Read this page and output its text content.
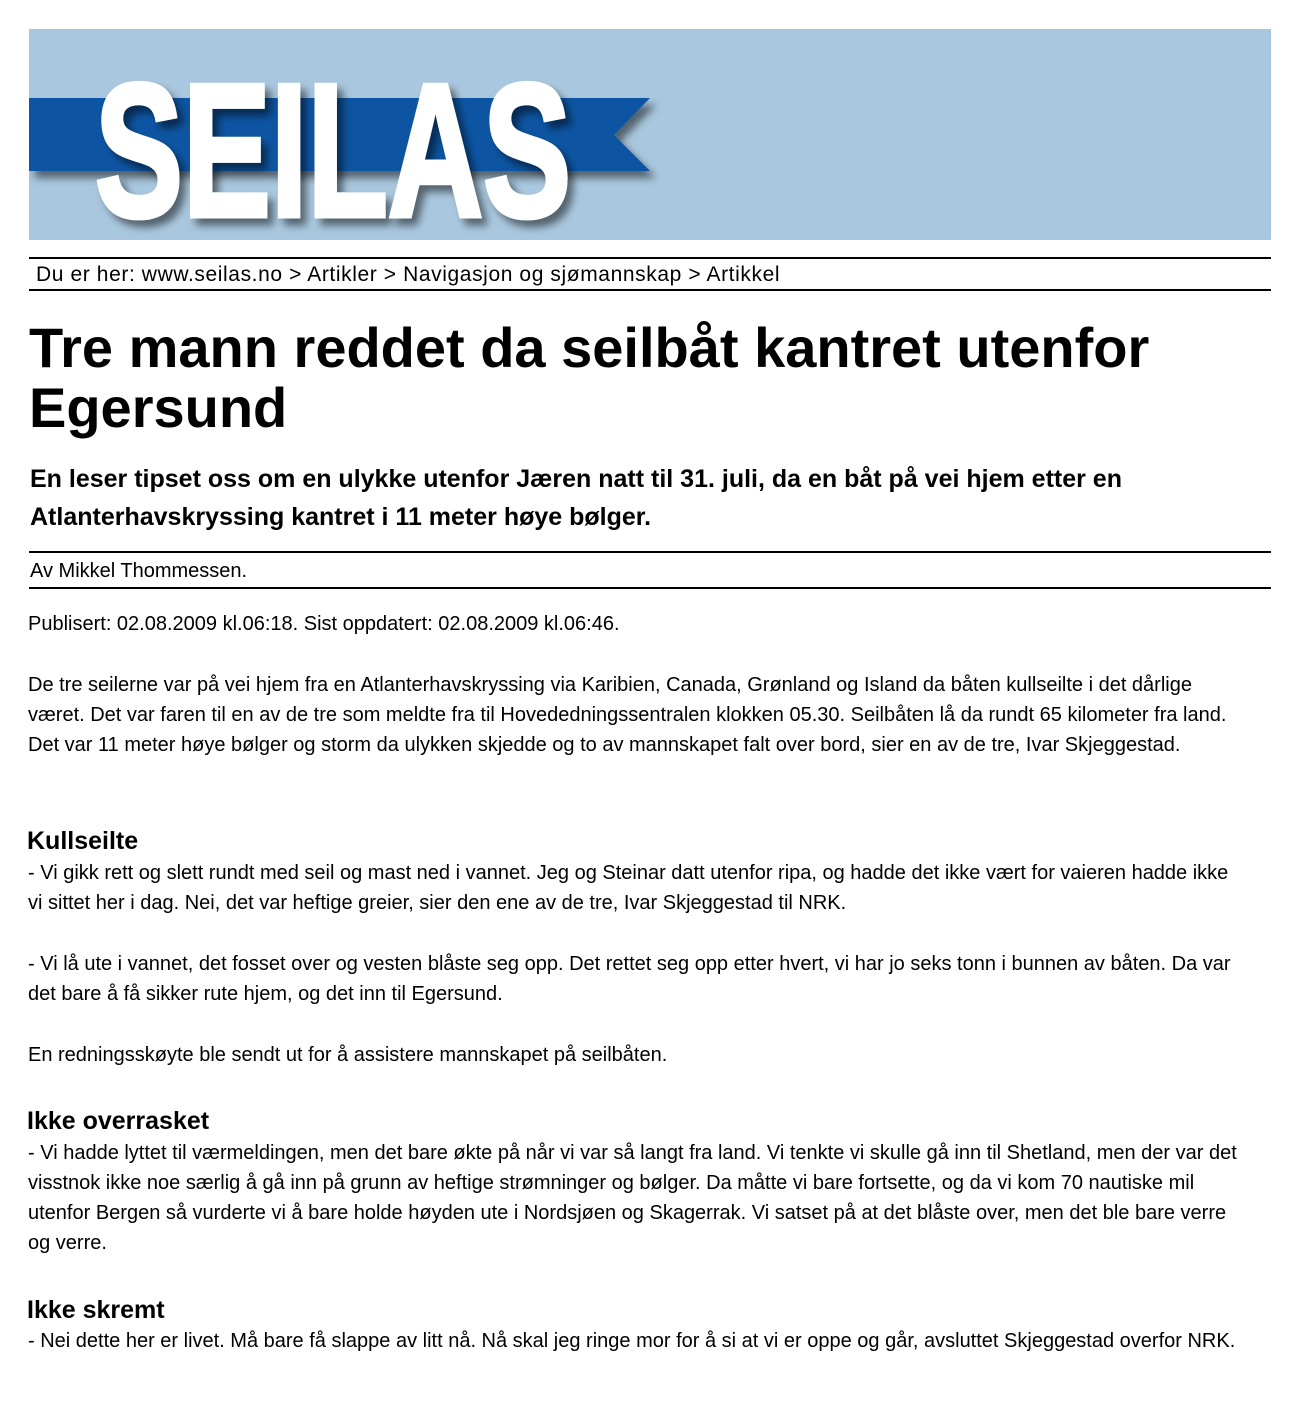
SEILAS
Du er her: www.seilas.no > Artikler > Navigasjon og sjømannskap > Artikkel
Tre mann reddet da seilbåt kantret utenfor Egersund

En leser tipset oss om en ulykke utenfor Jæren natt til 31. juli, da en båt på vei hjem etter en Atlanterhavskryssing kantret i 11 meter høye bølger.

Av Mikkel Thommessen.

Publisert: 02.08.2009 kl.06:18. Sist oppdatert: 02.08.2009 kl.06:46.

De tre seilerne var på vei hjem fra en Atlanterhavskryssing via Karibien, Canada, Grønland og Island da båten kullseilte i det dårlige været. Det var faren til en av de tre som meldte fra til Hovededningssentralen klokken 05.30. Seilbåten lå da rundt 65 kilometer fra land. Det var 11 meter høye bølger og storm da ulykken skjedde og to av mannskapet falt over bord, sier en av de tre, Ivar Skjeggestad.

Kullseilte

- Vi gikk rett og slett rundt med seil og mast ned i vannet. Jeg og Steinar datt utenfor ripa, og hadde det ikke vært for vaieren hadde ikke vi sittet her i dag. Nei, det var heftige greier, sier den ene av de tre, Ivar Skjeggestad til NRK.

- Vi lå ute i vannet, det fosset over og vesten blåste seg opp. Det rettet seg opp etter hvert, vi har jo seks tonn i bunnen av båten. Da var det bare å få sikker rute hjem, og det inn til Egersund.

En redningsskøyte ble sendt ut for å assistere mannskapet på seilbåten.

Ikke overrasket

- Vi hadde lyttet til værmeldingen, men det bare økte på når vi var så langt fra land. Vi tenkte vi skulle gå inn til Shetland, men der var det visstnok ikke noe særlig å gå inn på grunn av heftige strømninger og bølger. Da måtte vi bare fortsette, og da vi kom 70 nautiske mil utenfor Bergen så vurderte vi å bare holde høyden ute i Nordsjøen og Skagerrak. Vi satset på at det blåste over, men det ble bare verre og verre.

Ikke skremt

- Nei dette her er livet. Må bare få slappe av litt nå. Nå skal jeg ringe mor for å si at vi er oppe og går, avsluttet Skjeggestad overfor NRK.
